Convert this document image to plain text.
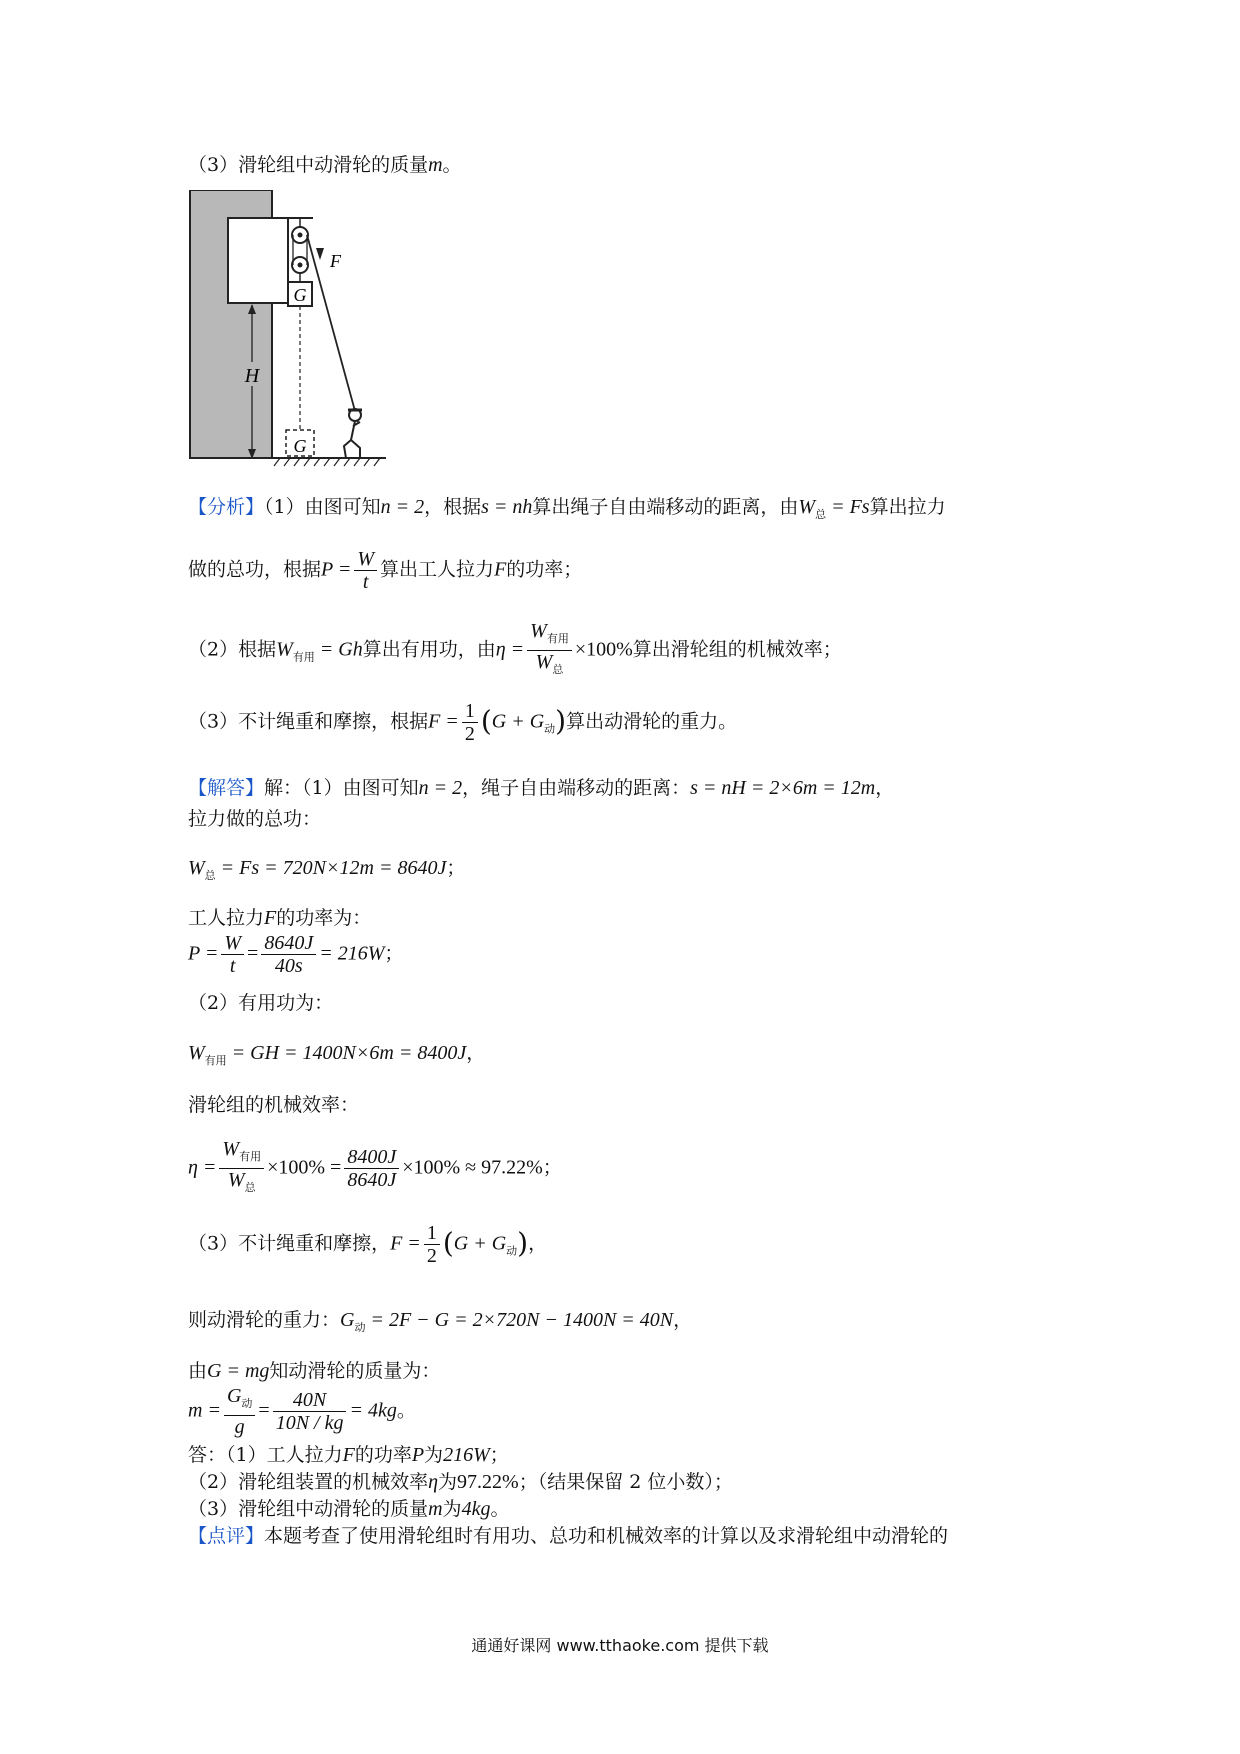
（3）滑轮组中动滑轮的质量m。
G
F
G
H
【分析】（1）由图可知n = 2，根据s = nh算出绳子自由端移动的距离，由$W_总 = Fs$算出拉力
做的总功，根据$P = \frac{W}{t}$ 算出工人拉力F的功率；
（2）根据$W_{有用} = Gh$算出有用功，由$\eta = \frac{W_{有用}}{W_总} \times 100\%$算出滑轮组的机械效率；
（3）不计绳重和摩擦，根据$F = \frac{1}{2} (G + G_动)$算出动滑轮的重力。
【解答】解：（1）由图可知n = 2，绳子自由端移动的距离：s = nH = 2×6m = 12m，
拉力做的总功：
$W_总 = Fs = 720N\times 12m = 8640J$；
工人拉力F的功率为：
$P = \frac{W}{t} = \frac{8640J}{40s} = 216W$；
（2）有用功为：
$W_{有用}$ = GH = 1400N×6m = 8400J，
滑轮组的机械效率：
$\eta = \frac{W_{有用}}{W_总} \times 100\% = \frac{8400J}{8640J} \times 100\% \approx 97.22\%$；
（3）不计绳重和摩擦，$F = \frac{1}{2} (G + G_动)$，
则动滑轮的重力：$G_动 = 2F - G = 2\times 720N - 1400N = 40N$，
由G = mg知动滑轮的质量为：
$m = \frac{G_动}{g} = \frac{40N}{10N / kg} = 4kg$。
答：（1）工人拉力F的功率P为216W；
（2）滑轮组装置的机械效率η为97.22%；（结果保留 2 位小数）；
（3）滑轮组中动滑轮的质量m为4kg。
【点评】本题考查了使用滑轮组时有用功、总功和机械效率的计算以及求滑轮组中动滑轮的
通通好课网 www.tthaoke.com 提供下载
